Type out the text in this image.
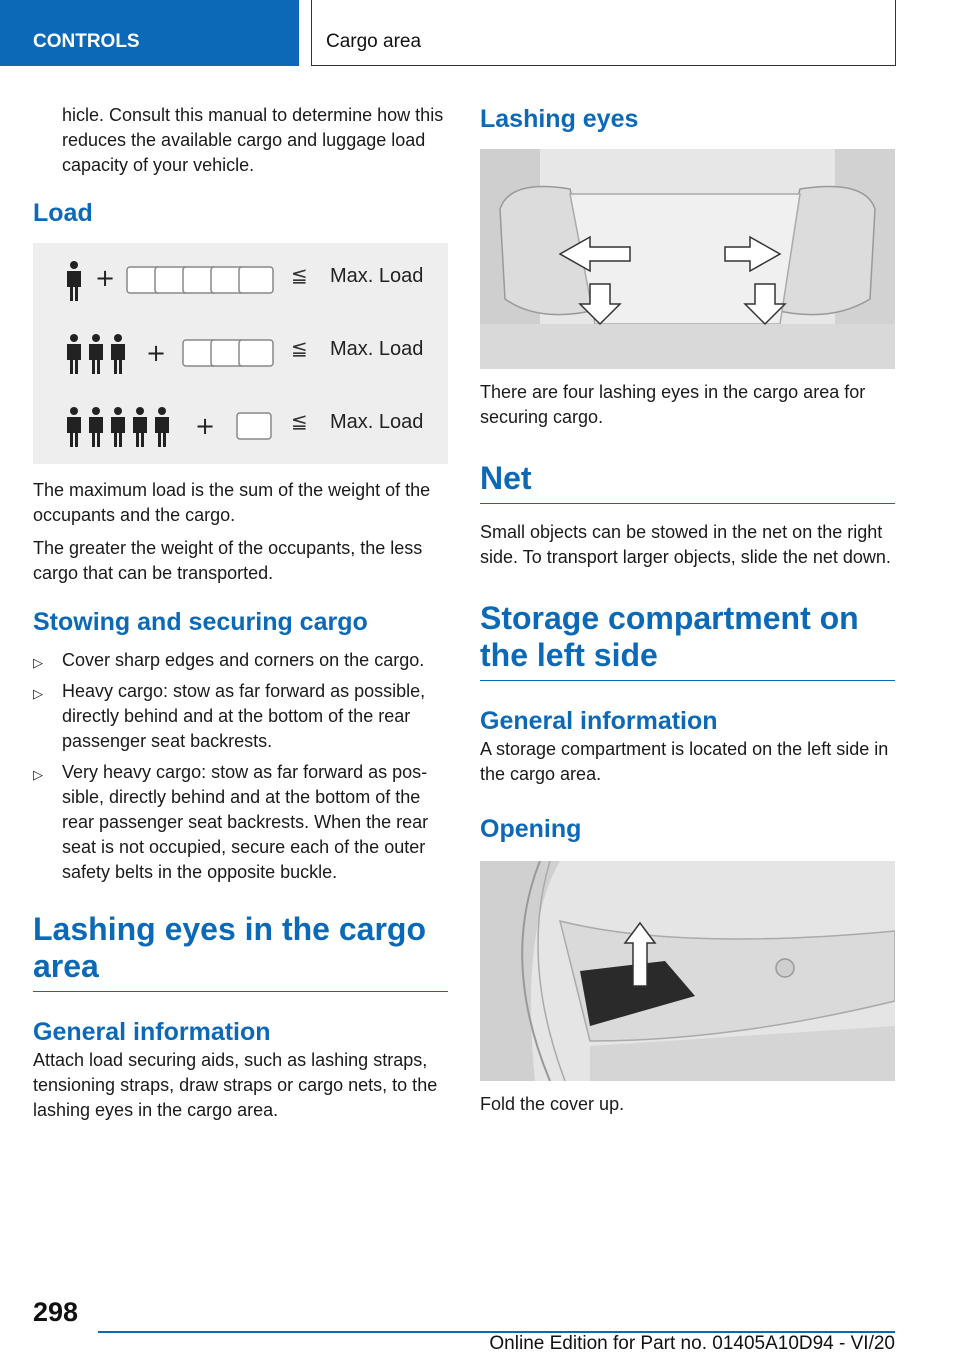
CONTROLS	Cargo area

hicle. Consult this manual to determine how this reduces the available cargo and luggage load capacity of your vehicle.

Load
+	≦ Max. Load
+	≦ Max. Load
+	≦ Max. Load

The maximum load is the sum of the weight of the occupants and the cargo.

The greater the weight of the occupants, the less cargo that can be transported.

Stowing and securing cargo
▷ Cover sharp edges and corners on the cargo.
▷ Heavy cargo: stow as far forward as possible, directly behind and at the bottom of the rear passenger seat backrests.
▷ Very heavy cargo: stow as far forward as possible, directly behind and at the bottom of the rear passenger seat backrests. When the rear seat is not occupied, secure each of the outer safety belts in the opposite buckle.
Lashing eyes in the cargo area
General information

Attach load securing aids, such as lashing straps, tensioning straps, draw straps or cargo nets, to the lashing eyes in the cargo area.

Lashing eyes

There are four lashing eyes in the cargo area for securing cargo.

Net

Small objects can be stowed in the net on the right side. To transport larger objects, slide the net down.

Storage compartment on the left side
General information

A storage compartment is located on the left side in the cargo area.

Opening

Fold the cover up.

298
Online Edition for Part no. 01405A10D94 - VI/20
